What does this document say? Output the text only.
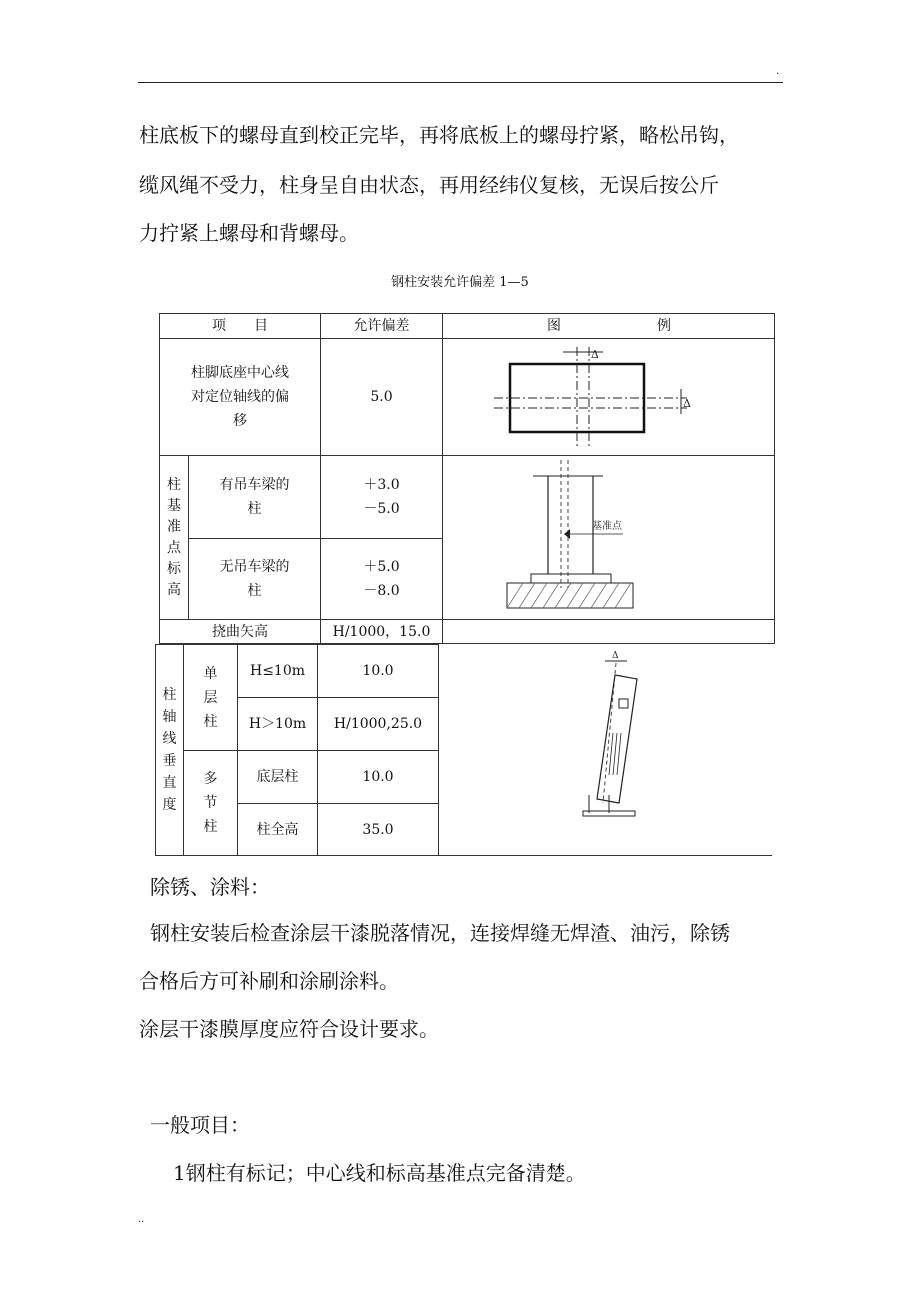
.
柱底板下的螺母直到校正完毕，再将底板上的螺母拧紧，略松吊钩，
缆风绳不受力，柱身呈自由状态，再用经纬仪复核，无误后按公斤
力拧紧上螺母和背螺母。
钢柱安装允许偏差 1—5
项　　目		允许偏差	图 例

柱脚底座中心线对定位轴线的偏移		5.0	Δ
Δ

柱基准点标高	有吊车梁的柱	＋3.0 －5.0	基准点

	无吊车梁的柱	＋5.0 －8.0	

挠曲矢高		H/1000，15.0	
柱轴线垂直度	单层柱	H≤10m	10.0	Δ

		H＞10m	H/1000,25.0	

	多节柱	底层柱	10.0	
		柱全高	35.0	
除锈、涂料：
钢柱安装后检查涂层干漆脱落情况，连接焊缝无焊渣、油污，除锈
合格后方可补刷和涂刷涂料。
涂层干漆膜厚度应符合设计要求。
一般项目：
1钢柱有标记；中心线和标高基准点完备清楚。
..
